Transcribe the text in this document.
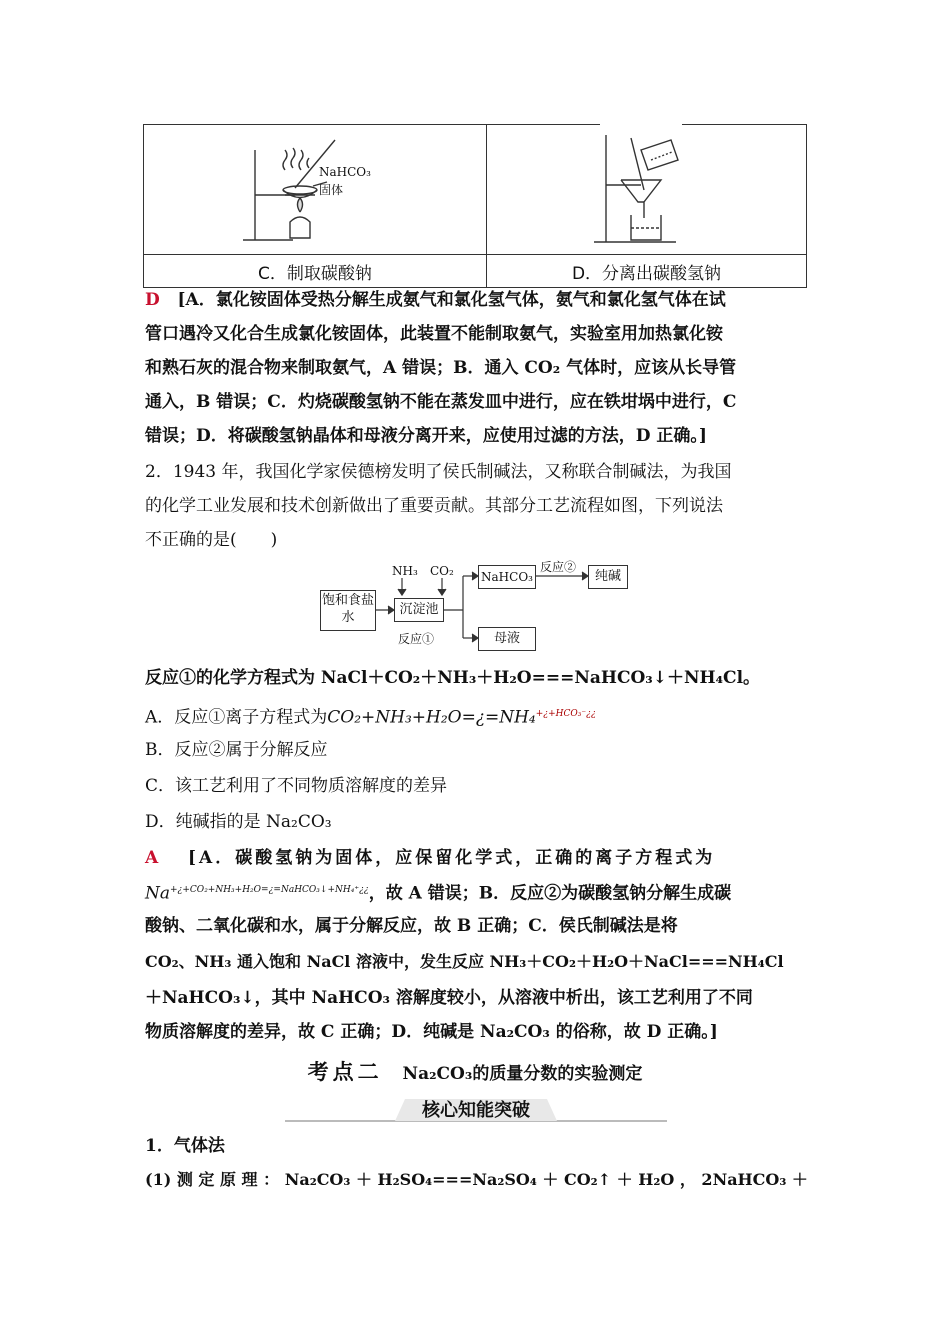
NaHCO₃
固体

C．制取碳酸钠	D．分离出碳酸氢钠
D [A．氯化铵固体受热分解生成氨气和氯化氢气体，氨气和氯化氢气体在试
管口遇冷又化合生成氯化铵固体，此装置不能制取氨气，实验室用加热氯化铵
和熟石灰的混合物来制取氨气，A 错误；B．通入 CO₂ 气体时，应该从长导管
通入，B 错误；C．灼烧碳酸氢钠不能在蒸发皿中进行，应在铁坩埚中进行，C
错误；D．将碳酸氢钠晶体和母液分离开来，应使用过滤的方法，D 正确。]
2．1943 年，我国化学家侯德榜发明了侯氏制碱法，又称联合制碱法，为我国
的化学工业发展和技术创新做出了重要贡献。其部分工艺流程如图，下列说法
不正确的是(　　)
饱和食盐水
沉淀池
NaHCO₃	纯碱
母液
NH₃ CO₂	反应②
反应①
反应①的化学方程式为 NaCl＋CO₂＋NH₃＋H₂O===NaHCO₃↓＋NH₄Cl。
A．反应①离子方程式为CO₂+NH₃+H₂O=¿=NH₄$^{+¿+HCO_3^-¿¿}$
B．反应②属于分解反应
C．该工艺利用了不同物质溶解度的差异
D．纯碱指的是 Na₂CO₃
A [A．碳酸氢钠为固体，应保留化学式，正确的离子方程式为
$Na^{+¿+CO_2+NH_3+H_2O=¿=NaHCO_3↓+NH_4^+¿¿}$，故 A 错误；B．反应②为碳酸氢钠分解生成碳
酸钠、二氧化碳和水，属于分解反应，故 B 正确；C．侯氏制碱法是将
CO₂、NH₃ 通入饱和 NaCl 溶液中，发生反应 NH₃＋CO₂＋H₂O＋NaCl===NH₄Cl
＋NaHCO₃↓，其中 NaHCO₃ 溶解度较小，从溶液中析出，该工艺利用了不同
物质溶解度的差异，故 C 正确；D．纯碱是 Na₂CO₃ 的俗称，故 D 正确。]
考点二 Na₂CO₃的质量分数的实验测定
核心知能突破
1．气体法
(1) 测 定 原 理 ： Na₂CO₃ ＋ H₂SO₄===Na₂SO₄ ＋ CO₂↑ ＋ H₂O ， 2NaHCO₃ ＋
